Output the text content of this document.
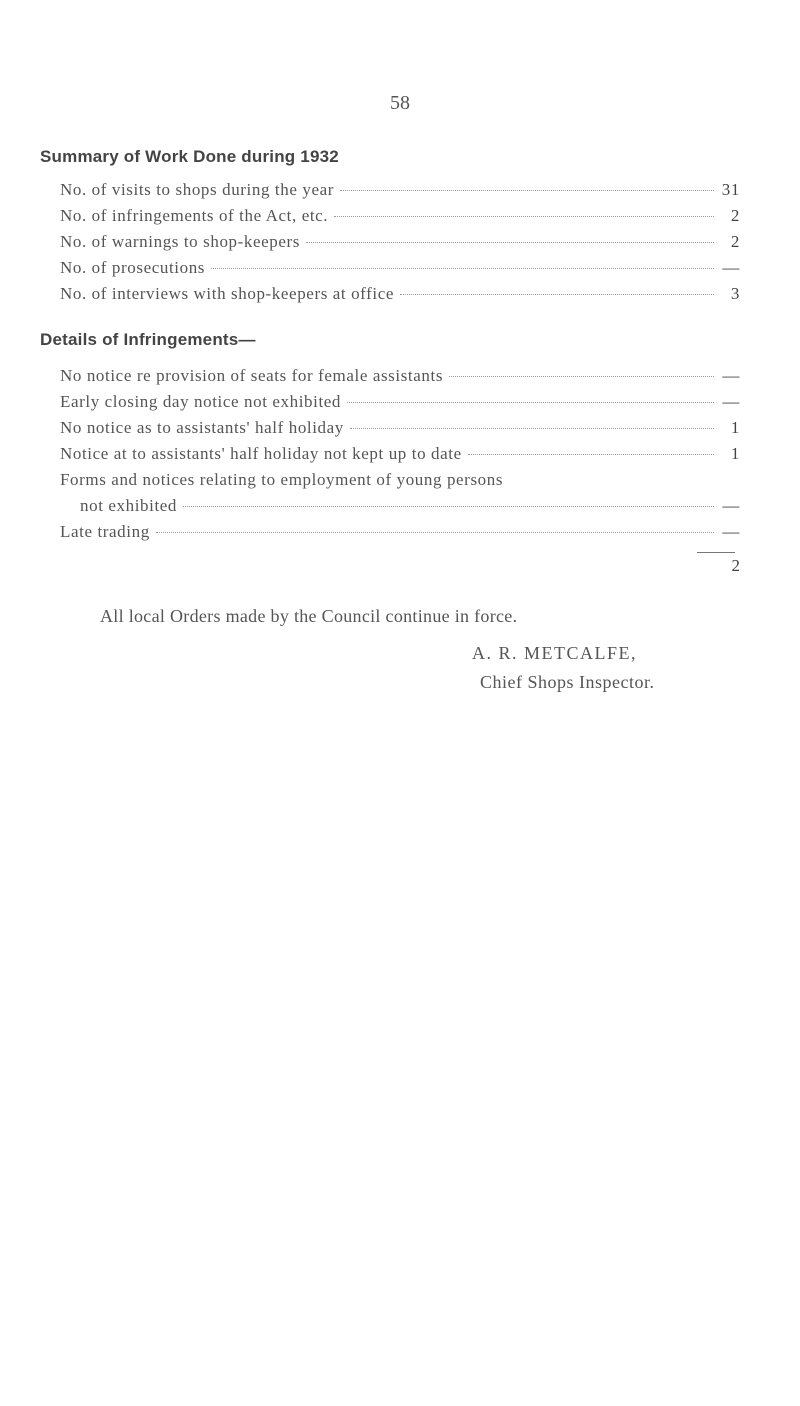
58
Summary of Work Done during 1932
No. of visits to shops during the year	31
No. of infringements of the Act, etc.	2
No. of warnings to shop-keepers	2
No. of prosecutions	—
No. of interviews with shop-keepers at office	3
Details of Infringements—
No notice re provision of seats for female assistants	—
Early closing day notice not exhibited	—
No notice as to assistants' half holiday	1
Notice at to assistants' half holiday not kept up to date	1
Forms and notices relating to employment of young persons
not exhibited	—
Late trading	—
2
All local Orders made by the Council continue in force.
A. R. METCALFE,
Chief Shops Inspector.
